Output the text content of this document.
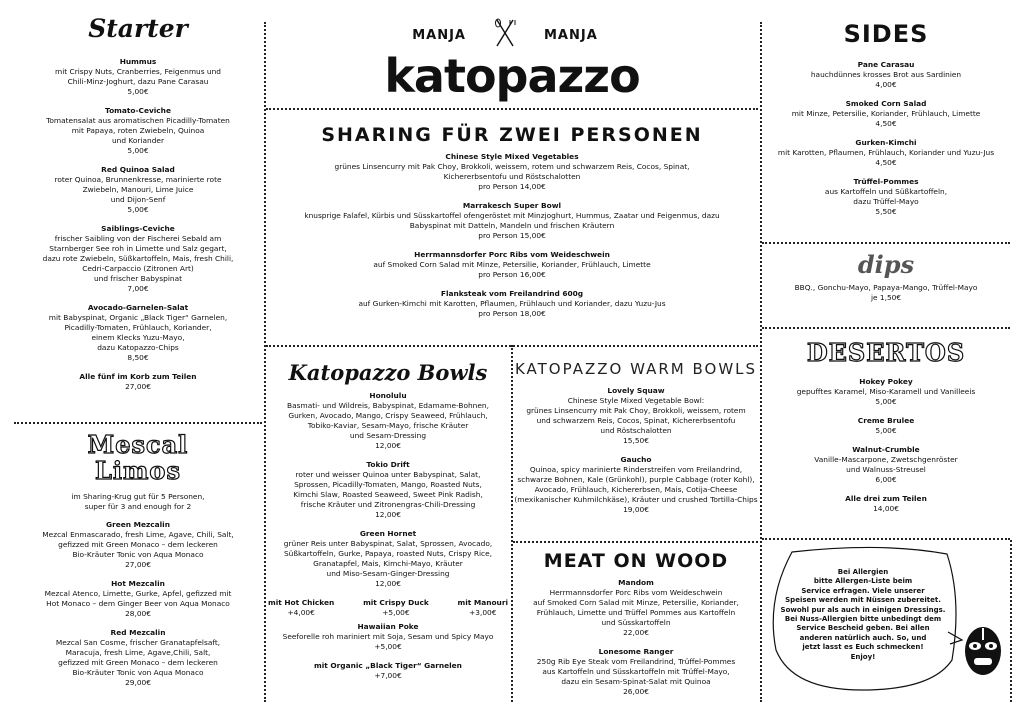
Starter
Hummus
mit Crispy Nuts, Cranberries, Feigenmus und
Chili-Minz-Joghurt, dazu Pane Carasau
5,00€
Tomato-Ceviche
Tomatensalat aus aromatischen Picadilly-Tomaten
mit Papaya, roten Zwiebeln, Quinoa
und Koriander
5,00€
Red Quinoa Salad
roter Quinoa, Brunnenkresse, marinierte rote
Zwiebeln, Manouri, Lime Juice
und Dijon-Senf
5,00€
Saiblings-Ceviche
frischer Saibling von der Fischerei Sebald am
Starnberger See roh in Limette und Salz gegart,
dazu rote Zwiebeln, Süßkartoffeln, Mais, fresh Chili,
Cedri-Carpaccio (Zitronen Art)
und frischer Babyspinat
7,00€
Avocado-Garnelen-Salat
mit Babyspinat, Organic „Black Tiger“ Garnelen,
Picadilly-Tomaten, Frühlauch, Koriander,
einem Klecks Yuzu-Mayo,
dazu Katopazzo-Chips
8,50€
Alle fünf im Korb zum Teilen
27,00€
Mescal
Limos
im Sharing-Krug gut für 5 Personen,
super für 3 and enough for 2
Green Mezcalin
Mezcal Enmascarado, fresh Lime, Agave, Chili, Salt,
gefizzed mit Green Monaco – dem leckeren
Bio-Kräuter Tonic von Aqua Monaco
27,00€
Hot Mezcalin
Mezcal Atenco, Limette, Gurke, Apfel, gefizzed mit
Hot Monaco – dem Ginger Beer von Aqua Monaco
28,00€
Red Mezcalin
Mezcal San Cosme, frischer Granatapfelsaft,
Maracuja, fresh Lime, Agave,Chili, Salt,
gefizzed mit Green Monaco – dem leckeren
Bio-Kräuter Tonic von Aqua Monaco
29,00€
MANJA	MANJA
katopazzo
SHARING FÜR ZWEI PERSONEN
Chinese Style Mixed Vegetables
grünes Linsencurry mit Pak Choy, Brokkoli, weissem, rotem und schwarzem Reis, Cocos, Spinat,
Kichererbsentofu und Röstschalotten
pro Person 14,00€
Marrakesch Super Bowl
knusprige Falafel, Kürbis und Süsskartoffel ofengeröstet mit Minzjoghurt, Hummus, Zaatar und Feigenmus, dazu
Babyspinat mit Datteln, Mandeln und frischen Kräutern
pro Person 15,00€
Herrmannsdorfer Porc Ribs vom Weideschwein
auf Smoked Corn Salad mit Minze, Petersilie, Koriander, Frühlauch, Limette
pro Person 16,00€
Flanksteak vom Freilandrind 600g
auf Gurken-Kimchi mit Karotten, Pflaumen, Frühlauch und Koriander, dazu Yuzu-Jus
pro Person 18,00€
Katopazzo Bowls
Honolulu
Basmati- und Wildreis, Babyspinat, Edamame-Bohnen,
Gurken, Avocado, Mango, Crispy Seaweed, Frühlauch,
Tobiko-Kaviar, Sesam-Mayo, frische Kräuter
und Sesam-Dressing
12,00€
Tokio Drift
roter und weisser Quinoa unter Babyspinat, Salat,
Sprossen, Picadilly-Tomaten, Mango, Roasted Nuts,
Kimchi Slaw, Roasted Seaweed, Sweet Pink Radish,
frische Kräuter und Zitronengras-Chili-Dressing
12,00€
Green Hornet
grüner Reis unter Babyspinat, Salat, Sprossen, Avocado,
Süßkartoffeln, Gurke, Papaya, roasted Nuts, Crispy Rice,
Granatapfel, Mais, Kimchi-Mayo, Kräuter
und Miso-Sesam-Ginger-Dressing
12,00€
mit Hot Chicken
+4,00€
mit Crispy Duck
+5,00€
mit Manouri
+3,00€
Hawaiian Poke
Seeforelle roh mariniert mit Soja, Sesam und Spicy Mayo
+5,00€
mit Organic „Black Tiger“ Garnelen
+7,00€
KATOPAZZO WARM BOWLS
Lovely Squaw
Chinese Style Mixed Vegetable Bowl:
grünes Linsencurry mit Pak Choy, Brokkoli, weissem, rotem
und schwarzem Reis, Cocos, Spinat, Kichererbsentofu
und Röstschalotten
15,50€
Gaucho
Quinoa, spicy marinierte Rinderstreifen vom Freilandrind,
schwarze Bohnen, Kale (Grünkohl), purple Cabbage (roter Kohl),
Avocado, Frühlauch, Kichererbsen, Mais, Cotija-Cheese
(mexikanischer Kuhmilchkäse), Kräuter und crushed Tortilla-Chips
19,00€
MEAT ON WOOD
Mandom
Herrmannsdorfer Porc Ribs vom Weideschwein
auf Smoked Corn Salad mit Minze, Petersilie, Koriander,
Frühlauch, Limette und Trüffel Pommes aus Kartoffeln
und Süsskartoffeln
22,00€
Lonesome Ranger
250g Rib Eye Steak vom Freilandrind, Trüffel-Pommes
aus Kartoffeln und Süsskartoffeln mit Trüffel-Mayo,
dazu ein Sesam-Spinat-Salat mit Quinoa
26,00€
SIDES
Pane Carasau
hauchdünnes krosses Brot aus Sardinien
4,00€
Smoked Corn Salad
mit Minze, Petersilie, Koriander, Frühlauch, Limette
4,50€
Gurken-Kimchi
mit Karotten, Pflaumen, Frühlauch, Koriander und Yuzu-Jus
4,50€
Trüffel-Pommes
aus Kartoffeln und Süßkartoffeln,
dazu Trüffel-Mayo
5,50€
dips
BBQ., Gonchu-Mayo, Papaya-Mango, Trüffel-Mayo
je 1,50€
DESERTOS
Hokey Pokey
gepufftes Karamel, Miso-Karamell und Vanilleeis
5,00€
Creme Brulee
5,00€
Walnut-Crumble
Vanille-Mascarpone, Zwetschgenröster
und Walnuss-Streusel
6,00€
Alle drei zum Teilen
14,00€
Bei Allergien
bitte Allergen-Liste beim
Service erfragen. Viele unserer
Speisen werden mit Nüssen zubereitet.
Sowohl pur als auch in einigen Dressings.
Bei Nuss-Allergien bitte unbedingt dem
Service Bescheid geben. Bei allen
anderen natürlich auch. So, und
jetzt lasst es Euch schmecken!
Enjoy!
